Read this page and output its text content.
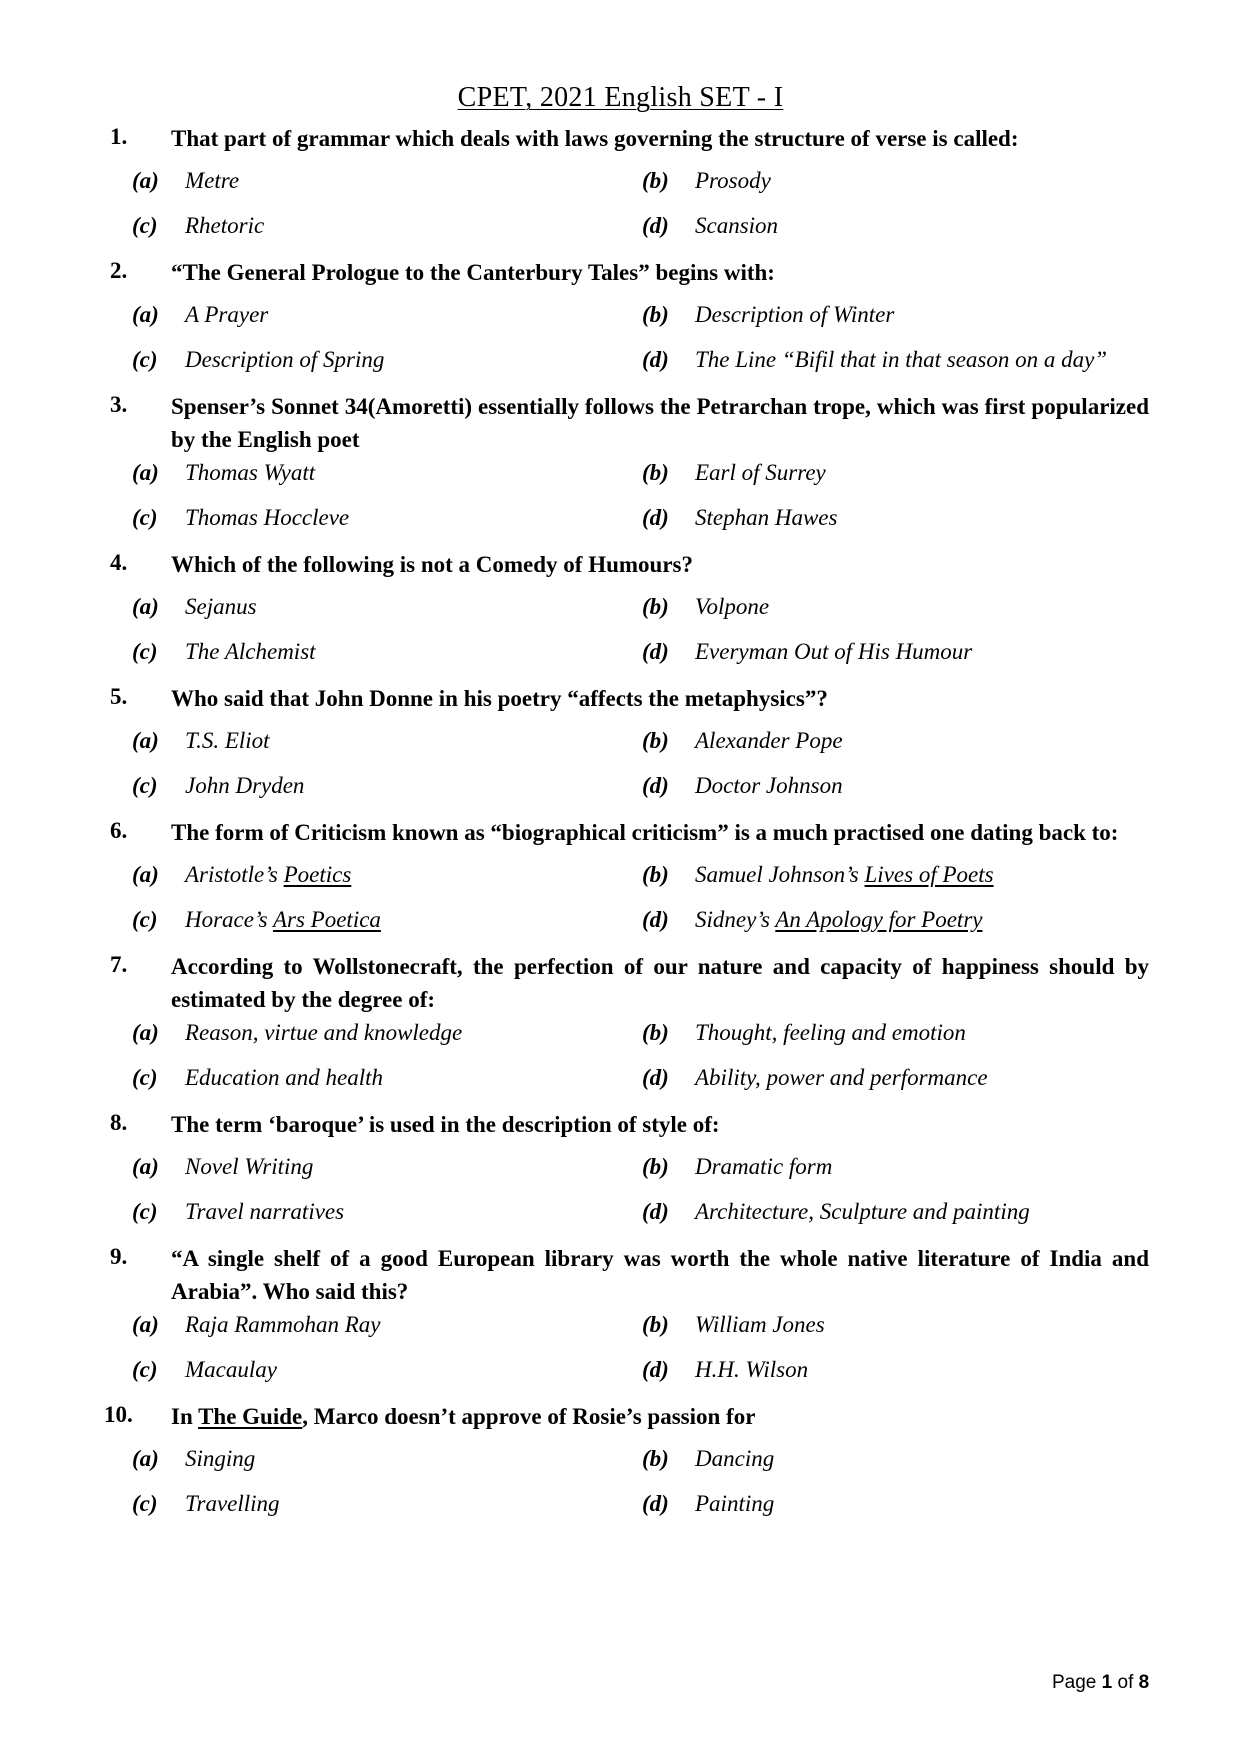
CPET, 2021 English SET - I
1. That part of grammar which deals with laws governing the structure of verse is called:
(a) Metre	(b) Prosody
(c) Rhetoric	(d) Scansion
2. “The General Prologue to the Canterbury Tales” begins with:
(a) A Prayer	(b) Description of Winter
(c) Description of Spring	(d) The Line “Bifil that in that season on a day”
3. Spenser’s Sonnet 34(Amoretti) essentially follows the Petrarchan trope, which was first popularized by the English poet
(a) Thomas Wyatt	(b) Earl of Surrey
(c) Thomas Hoccleve	(d) Stephan Hawes
4. Which of the following is not a Comedy of Humours?
(a) Sejanus	(b) Volpone
(c) The Alchemist	(d) Everyman Out of His Humour
5. Who said that John Donne in his poetry “affects the metaphysics”?
(a) T.S. Eliot	(b) Alexander Pope
(c) John Dryden	(d) Doctor Johnson
6. The form of Criticism known as “biographical criticism” is a much practised one dating back to:
(a) Aristotle’s Poetics	(b) Samuel Johnson’s Lives of Poets
(c) Horace’s Ars Poetica	(d) Sidney’s An Apology for Poetry
7. According to Wollstonecraft, the perfection of our nature and capacity of happiness should by estimated by the degree of:
(a) Reason, virtue and knowledge	(b) Thought, feeling and emotion
(c) Education and health	(d) Ability, power and performance
8. The term ‘baroque’ is used in the description of style of:
(a) Novel Writing	(b) Dramatic form
(c) Travel narratives	(d) Architecture, Sculpture and painting
9. “A single shelf of a good European library was worth the whole native literature of India and Arabia”. Who said this?
(a) Raja Rammohan Ray	(b) William Jones
(c) Macaulay	(d) H.H. Wilson
10. In The Guide, Marco doesn’t approve of Rosie’s passion for
(a) Singing	(b) Dancing
(c) Travelling	(d) Painting
Page 1 of 8
